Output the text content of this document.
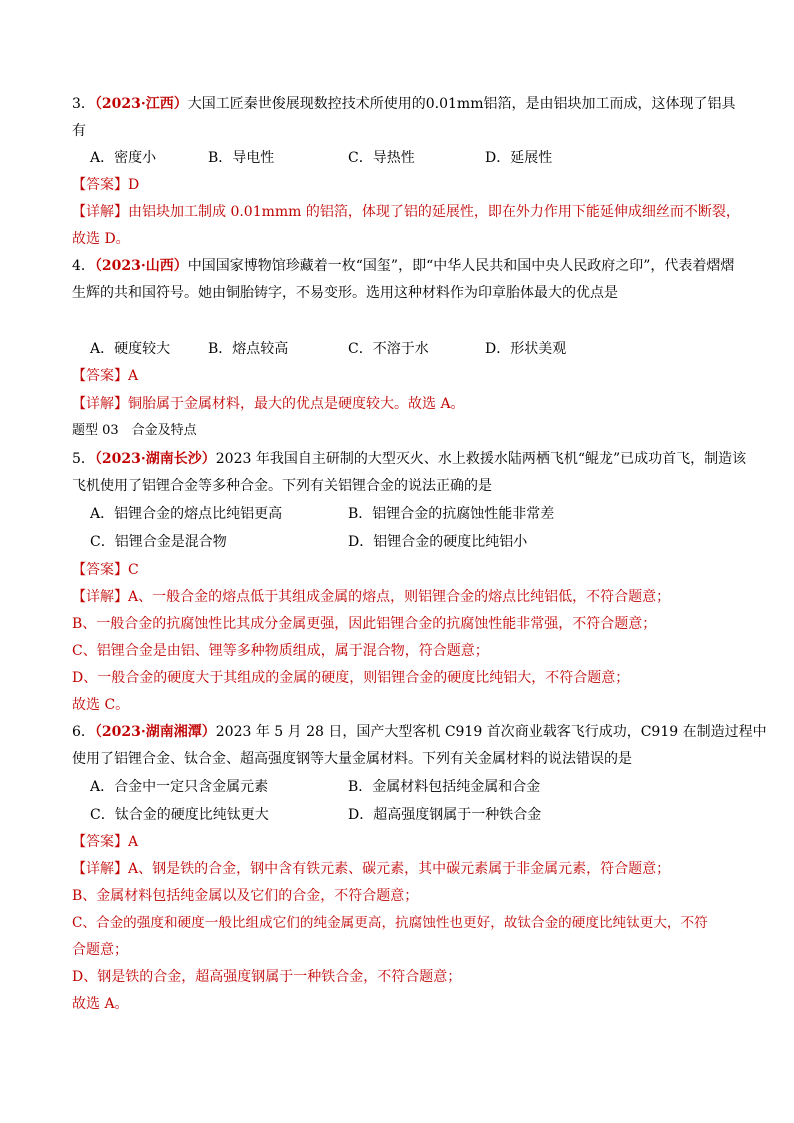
3．（2023·江西）大国工匠秦世俊展现数控技术所使用的0.01mm铝箔，是由铝块加工而成，这体现了铝具
有
A．密度小	B．导电性	C．导热性	D．延展性
【答案】D
【详解】由铝块加工制成 0.01mmm 的铝箔，体现了铝的延展性，即在外力作用下能延伸成细丝而不断裂，
故选 D。
4．（2023·山西）中国国家博物馆珍藏着一枚“国玺”，即“中华人民共和国中央人民政府之印”，代表着熠熠
生辉的共和国符号。她由铜胎铸字，不易变形。选用这种材料作为印章胎体最大的优点是
A．硬度较大	B．熔点较高	C．不溶于水	D．形状美观
【答案】A
【详解】铜胎属于金属材料，最大的优点是硬度较大。故选 A。
题型 03　合金及特点
5．（2023·湖南长沙）2023 年我国自主研制的大型灭火、水上救援水陆两栖飞机“鲲龙”已成功首飞，制造该
飞机使用了铝锂合金等多种合金。下列有关铝锂合金的说法正确的是
A．铝锂合金的熔点比纯铝更高	B．铝锂合金的抗腐蚀性能非常差
C．铝锂合金是混合物	D．铝锂合金的硬度比纯铝小
【答案】C
【详解】A、一般合金的熔点低于其组成金属的熔点，则铝锂合金的熔点比纯铝低，不符合题意；
B、一般合金的抗腐蚀性比其成分金属更强，因此铝锂合金的抗腐蚀性能非常强，不符合题意；
C、铝锂合金是由铝、锂等多种物质组成，属于混合物，符合题意；
D、一般合金的硬度大于其组成的金属的硬度，则铝锂合金的硬度比纯铝大，不符合题意；
故选 C。
6．（2023·湖南湘潭）2023 年 5 月 28 日，国产大型客机 C919 首次商业载客飞行成功，C919 在制造过程中
使用了铝锂合金、钛合金、超高强度钢等大量金属材料。下列有关金属材料的说法错误的是
A．合金中一定只含金属元素	B．金属材料包括纯金属和合金
C．钛合金的硬度比纯钛更大	D．超高强度钢属于一种铁合金
【答案】A
【详解】A、钢是铁的合金，钢中含有铁元素、碳元素，其中碳元素属于非金属元素，符合题意；
B、金属材料包括纯金属以及它们的合金，不符合题意；
C、合金的强度和硬度一般比组成它们的纯金属更高，抗腐蚀性也更好，故钛合金的硬度比纯钛更大，不符
合题意；
D、钢是铁的合金，超高强度钢属于一种铁合金，不符合题意；
故选 A。
